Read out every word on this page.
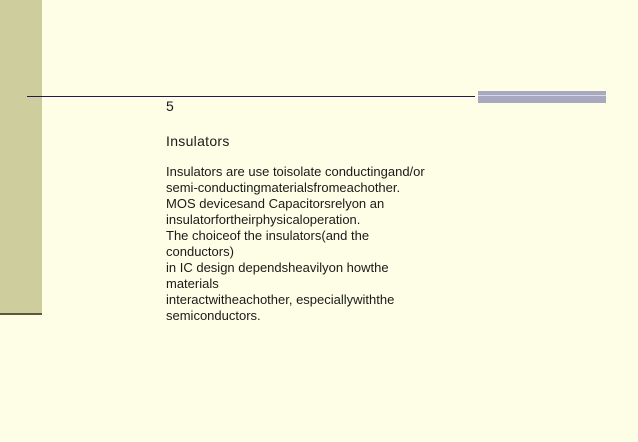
5

Insulators

Insulators are use toisolate conductingand/or
semi-conductingmaterialsfromeachother.
MOS devicesand Capacitorsrelyon an
insulatorfortheirphysicaloperation.
The choiceof the insulators(and the
conductors)
in IC design dependsheavilyon howthe
materials
interactwitheachother, especiallywiththe
semiconductors.
